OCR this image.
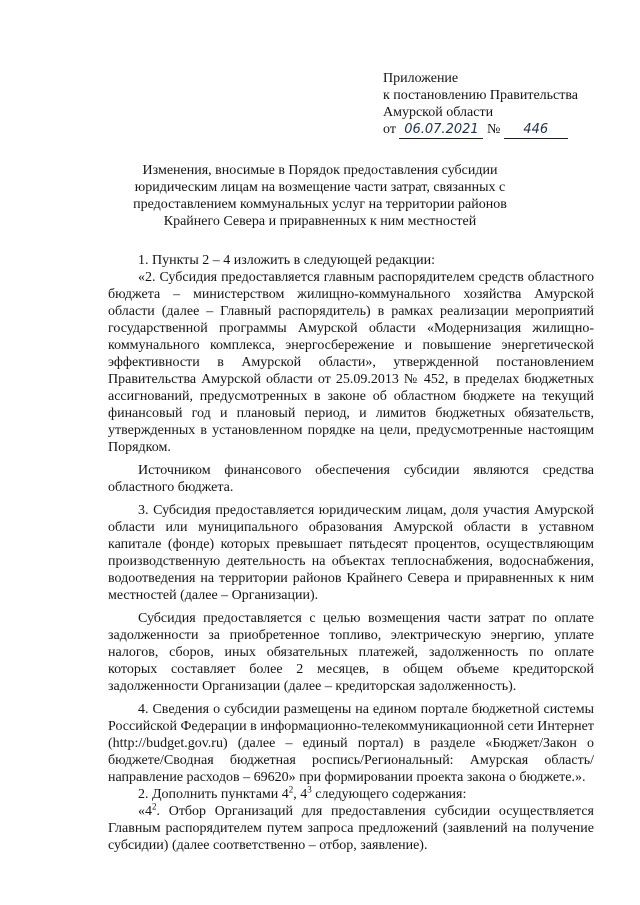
Приложение
к постановлению Правительства
Амурской области
от 06.07.2021 № 446
Изменения, вносимые в Порядок предоставления субсидии юридическим лицам на возмещение части затрат, связанных с предоставлением коммунальных услуг на территории районов Крайнего Севера и приравненных к ним местностей

1. Пункты 2 – 4 изложить в следующей редакции:

«2. Субсидия предоставляется главным распорядителем средств областного бюджета – министерством жилищно-коммунального хозяйства Амурской области (далее – Главный распорядитель) в рамках реализации мероприятий государственной программы Амурской области «Модернизация жилищно-коммунального комплекса, энергосбережение и повышение энергетической эффективности в Амурской области», утвержденной постановлением Правительства Амурской области от 25.09.2013 № 452, в пределах бюджетных ассигнований, предусмотренных в законе об областном бюджете на текущий финансовый год и плановый период, и лимитов бюджетных обязательств, утвержденных в установленном порядке на цели, предусмотренные настоящим Порядком.

Источником финансового обеспечения субсидии являются средства областного бюджета.

3. Субсидия предоставляется юридическим лицам, доля участия Амурской области или муниципального образования Амурской области в уставном капитале (фонде) которых превышает пятьдесят процентов, осуществляющим производственную деятельность на объектах теплоснабжения, водоснабжения, водоотведения на территории районов Крайнего Севера и приравненных к ним местностей (далее – Организации).

Субсидия предоставляется с целью возмещения части затрат по оплате задолженности за приобретенное топливо, электрическую энергию, уплате налогов, сборов, иных обязательных платежей, задолженность по оплате которых составляет более 2 месяцев, в общем объеме кредиторской задолженности Организации (далее – кредиторская задолженность).

4. Сведения о субсидии размещены на едином портале бюджетной системы Российской Федерации в информационно-телекоммуникационной сети Интернет (http://budget.gov.ru) (далее – единый портал) в разделе «Бюджет/Закон о бюджете/Сводная бюджетная роспись/Региональный: Амурская область/ направление расходов – 69620» при формировании проекта закона о бюджете.».

2. Дополнить пунктами $4^2$, $4^3$ следующего содержания:

«$4^2$. Отбор Организаций для предоставления субсидии осуществляется Главным распорядителем путем запроса предложений (заявлений на получение субсидии) (далее соответственно – отбор, заявление).
